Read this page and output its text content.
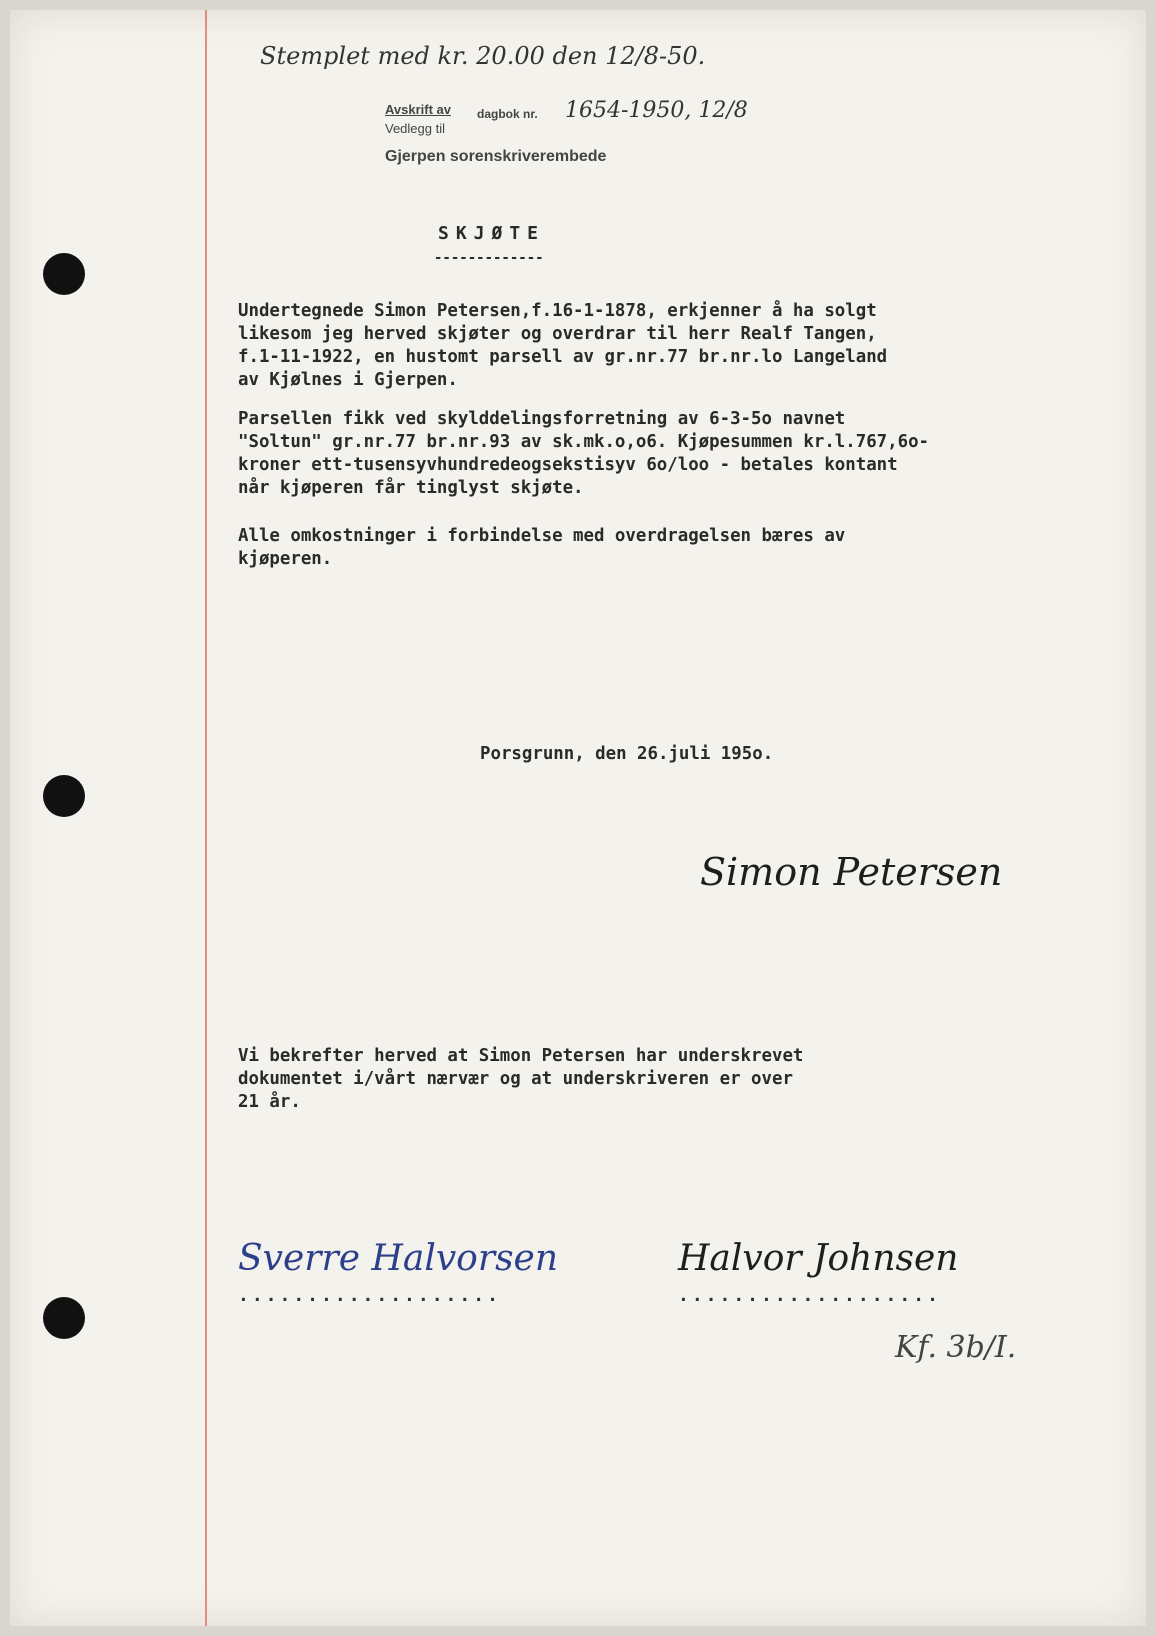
Stemplet med kr. 20.00 den 12/8-50.
Avskrift av dagbok nr. 1654-1950, 12/8
Vedlegg til
Gjerpen sorenskriverembede
SKJØTE
-------------
Undertegnede Simon Petersen,f.16-1-1878, erkjenner å ha solgt
likesom jeg herved skjøter og overdrar til herr Realf Tangen,
f.1-11-1922, en hustomt parsell av gr.nr.77 br.nr.lo Langeland
av Kjølnes i Gjerpen.
Parsellen fikk ved skylddelingsforretning av 6-3-5o navnet
"Soltun" gr.nr.77 br.nr.93 av sk.mk.o,o6. Kjøpesummen kr.l.767,6o-
kroner ett-tusensyvhundredeogsekstisyv 6o/loo - betales kontant
når kjøperen får tinglyst skjøte.
Alle omkostninger i forbindelse med overdragelsen bæres av
kjøperen.
Porsgrunn, den 26.juli 195o.
Simon Petersen
Vi bekrefter herved at Simon Petersen har underskrevet
dokumentet i/vårt nærvær og at underskriveren er over
21 år.
Sverre Halvorsen	Halvor Johnsen
...................	...................
Kf. 3b/I.
